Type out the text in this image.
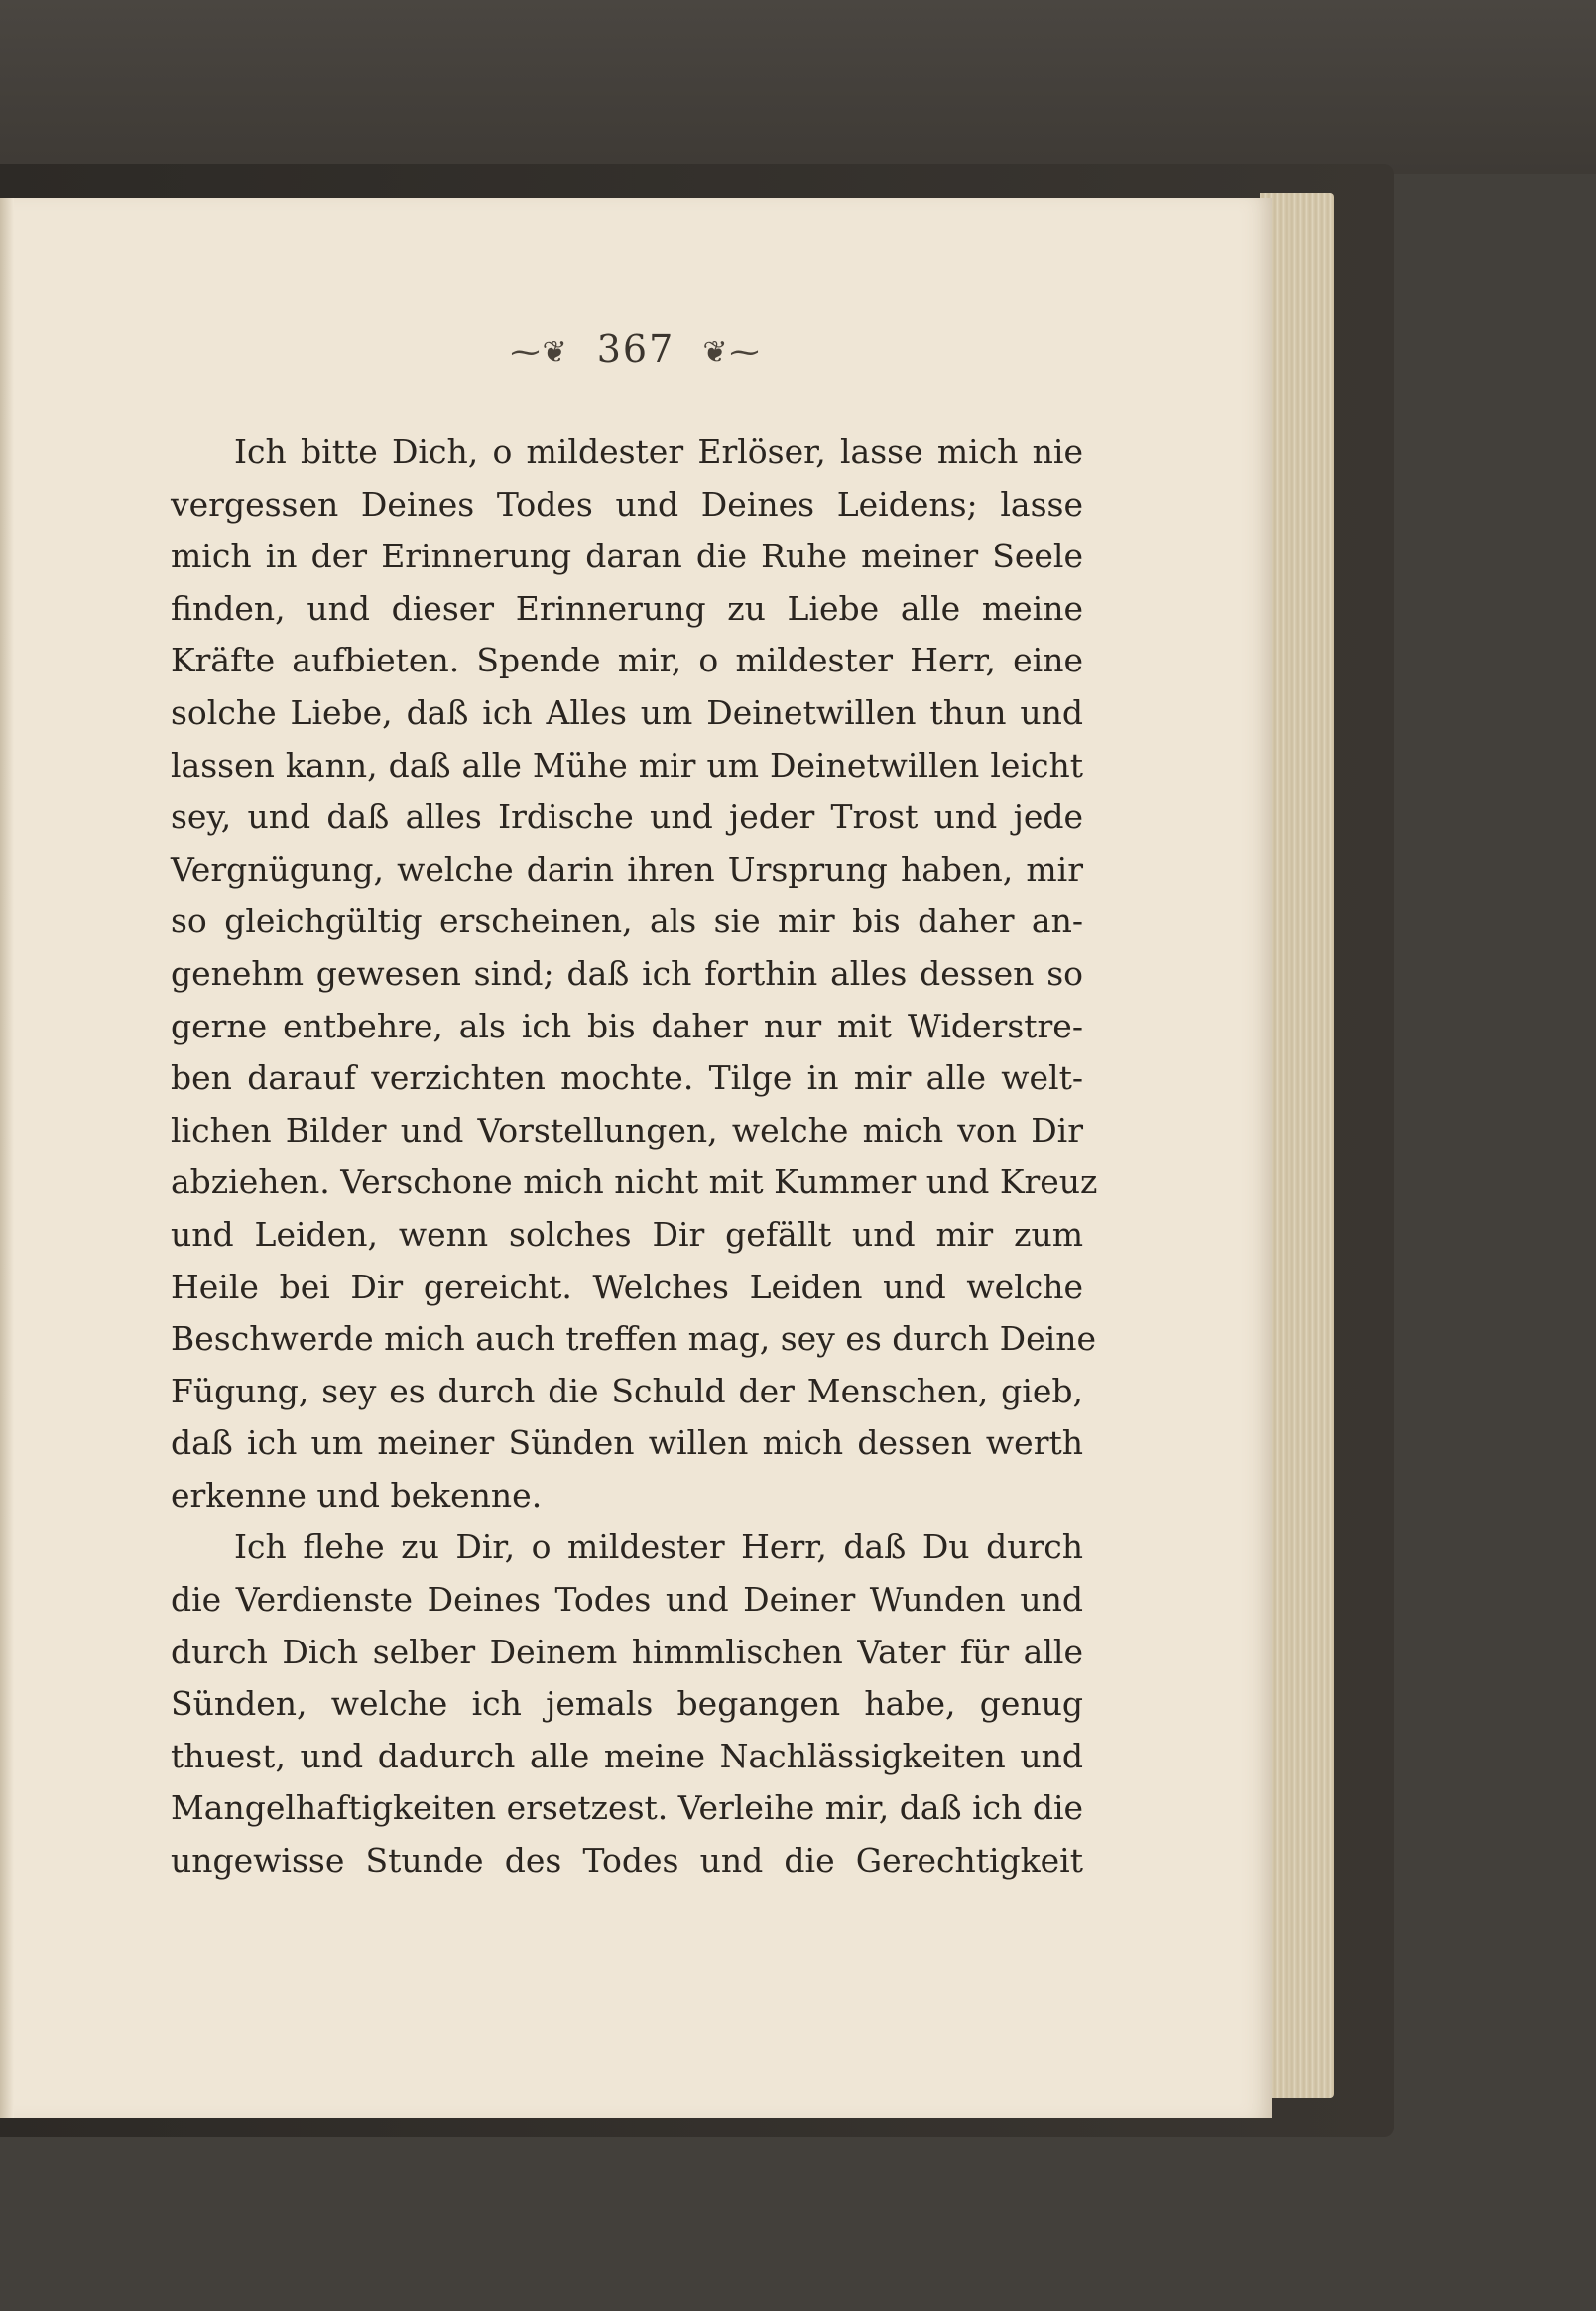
⁓❦ 367 ❦⁓
Ich bitte Dich, o mildester Erlöser, lasse mich nie
vergessen Deines Todes und Deines Leidens; lasse
mich in der Erinnerung daran die Ruhe meiner Seele
finden, und dieser Erinnerung zu Liebe alle meine
Kräfte aufbieten. Spende mir, o mildester Herr, eine
solche Liebe, daß ich Alles um Deinetwillen thun und
lassen kann, daß alle Mühe mir um Deinetwillen leicht
sey, und daß alles Irdische und jeder Trost und jede
Vergnügung, welche darin ihren Ursprung haben, mir
so gleichgültig erscheinen, als sie mir bis daher an-
genehm gewesen sind; daß ich forthin alles dessen so
gerne entbehre, als ich bis daher nur mit Widerstre-
ben darauf verzichten mochte. Tilge in mir alle welt-
lichen Bilder und Vorstellungen, welche mich von Dir
abziehen. Verschone mich nicht mit Kummer und Kreuz
und Leiden, wenn solches Dir gefällt und mir zum
Heile bei Dir gereicht. Welches Leiden und welche
Beschwerde mich auch treffen mag, sey es durch Deine
Fügung, sey es durch die Schuld der Menschen, gieb,
daß ich um meiner Sünden willen mich dessen werth
erkenne und bekenne.
Ich flehe zu Dir, o mildester Herr, daß Du durch
die Verdienste Deines Todes und Deiner Wunden und
durch Dich selber Deinem himmlischen Vater für alle
Sünden, welche ich jemals begangen habe, genug
thuest, und dadurch alle meine Nachlässigkeiten und
Mangelhaftigkeiten ersetzest. Verleihe mir, daß ich die
ungewisse Stunde des Todes und die Gerechtigkeit
